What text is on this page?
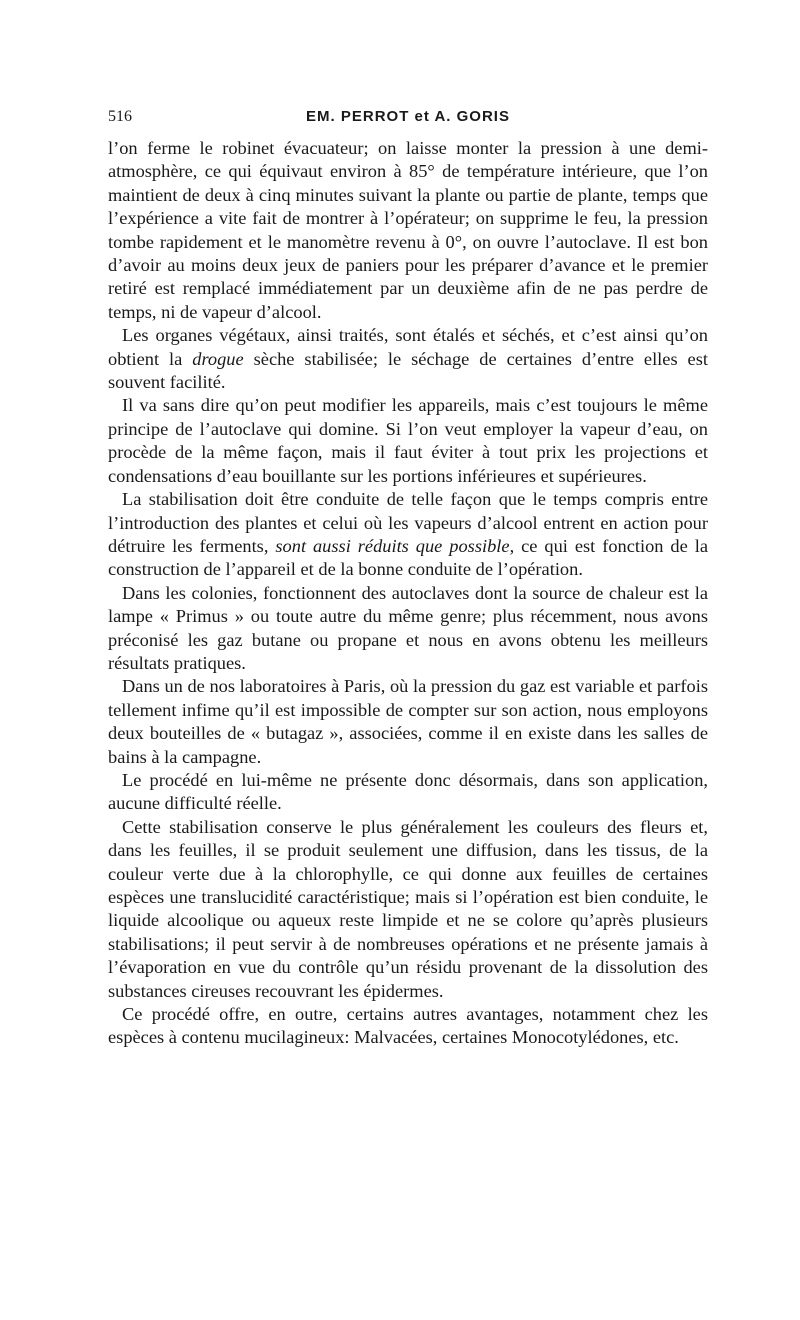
516	EM. PERROT et A. GORIS

l’on ferme le robinet évacuateur; on laisse monter la pression à une demi-atmosphère, ce qui équivaut environ à 85° de température intérieure, que l’on maintient de deux à cinq minutes suivant la plante ou partie de plante, temps que l’expérience a vite fait de montrer à l’opérateur; on supprime le feu, la pression tombe rapidement et le manomètre revenu à 0°, on ouvre l’autoclave. Il est bon d’avoir au moins deux jeux de paniers pour les préparer d’avance et le premier retiré est remplacé immédiatement par un deuxième afin de ne pas perdre de temps, ni de vapeur d’alcool.

Les organes végétaux, ainsi traités, sont étalés et séchés, et c’est ainsi qu’on obtient la drogue sèche stabilisée; le séchage de certaines d’entre elles est souvent facilité.

Il va sans dire qu’on peut modifier les appareils, mais c’est toujours le même principe de l’autoclave qui domine. Si l’on veut employer la vapeur d’eau, on procède de la même façon, mais il faut éviter à tout prix les projections et condensations d’eau bouillante sur les portions inférieures et supérieures.

La stabilisation doit être conduite de telle façon que le temps compris entre l’introduction des plantes et celui où les vapeurs d’alcool entrent en action pour détruire les ferments, sont aussi réduits que possible, ce qui est fonction de la construction de l’appareil et de la bonne conduite de l’opération.

Dans les colonies, fonctionnent des autoclaves dont la source de chaleur est la lampe « Primus » ou toute autre du même genre; plus récemment, nous avons préconisé les gaz butane ou propane et nous en avons obtenu les meilleurs résultats pratiques.

Dans un de nos laboratoires à Paris, où la pression du gaz est variable et parfois tellement infime qu’il est impossible de compter sur son action, nous employons deux bouteilles de « butagaz », associées, comme il en existe dans les salles de bains à la campagne.

Le procédé en lui-même ne présente donc désormais, dans son application, aucune difficulté réelle.

Cette stabilisation conserve le plus généralement les couleurs des fleurs et, dans les feuilles, il se produit seulement une diffusion, dans les tissus, de la couleur verte due à la chlorophylle, ce qui donne aux feuilles de certaines espèces une translucidité caractéristique; mais si l’opération est bien conduite, le liquide alcoolique ou aqueux reste limpide et ne se colore qu’après plusieurs stabilisations; il peut servir à de nombreuses opérations et ne présente jamais à l’évaporation en vue du contrôle qu’un résidu provenant de la dissolution des substances cireuses recouvrant les épidermes.

Ce procédé offre, en outre, certains autres avantages, notamment chez les espèces à contenu mucilagineux: Malvacées, certaines Monocotylédones, etc.
